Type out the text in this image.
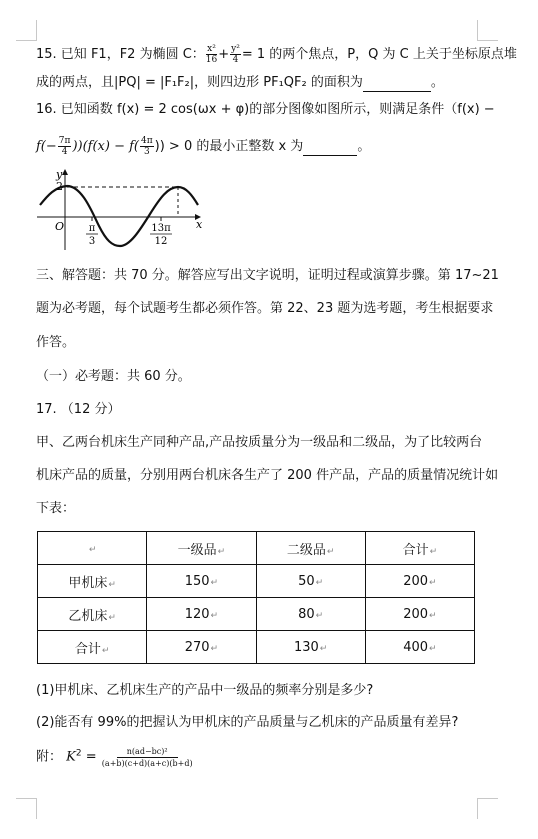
15. 已知 F1，F2 为椭圆 C： $\frac{\text{x²}}{16} + \frac{\text{y²}}{4} = 1$ 的两个焦点，P，Q 为 C 上关于坐标原点堆
成的两点，且|PQ| = |F₁F₂|，则四边形 PF₁QF₂ 的面积为	。
16. 已知函数 f(x) = 2 cos(ωx + φ)的部分图像如图所示，则满足条件（f(x) −
$f(- \frac{7\pi}{4} ))(f(x) - f( \frac{4\pi}{3}$ )) > 0 的最小正整数 x 为	。
y
x
O
2
π
3
13π
12
三、解答题：共 70 分。解答应写出文字说明，证明过程或演算步骤。第 17~21
题为必考题，每个试题考生都必须作答。第 22、23 题为选考题，考生根据要求
作答。
（一）必考题：共 60 分。
17. （12 分）
甲、乙两台机床生产同种产品,产品按质量分为一级品和二级品，为了比较两台
机床产品的质量，分别用两台机床各生产了 200 件产品，产品的质量情况统计如
下表：
↵	一级品↵	二级品↵	合计↵
甲机床↵	150↵	50↵	200↵
乙机床↵	120↵	80↵	200↵
合计↵	270↵	130↵	400↵
(1)甲机床、乙机床生产的产品中一级品的频率分别是多少?
(2)能否有 99%的把握认为甲机床的产品质量与乙机床的产品质量有差异?
附： $K^2 = \frac{\text{n(ad−bc)²}}{(a+b)(c+d)(a+c)(b+d)}$
